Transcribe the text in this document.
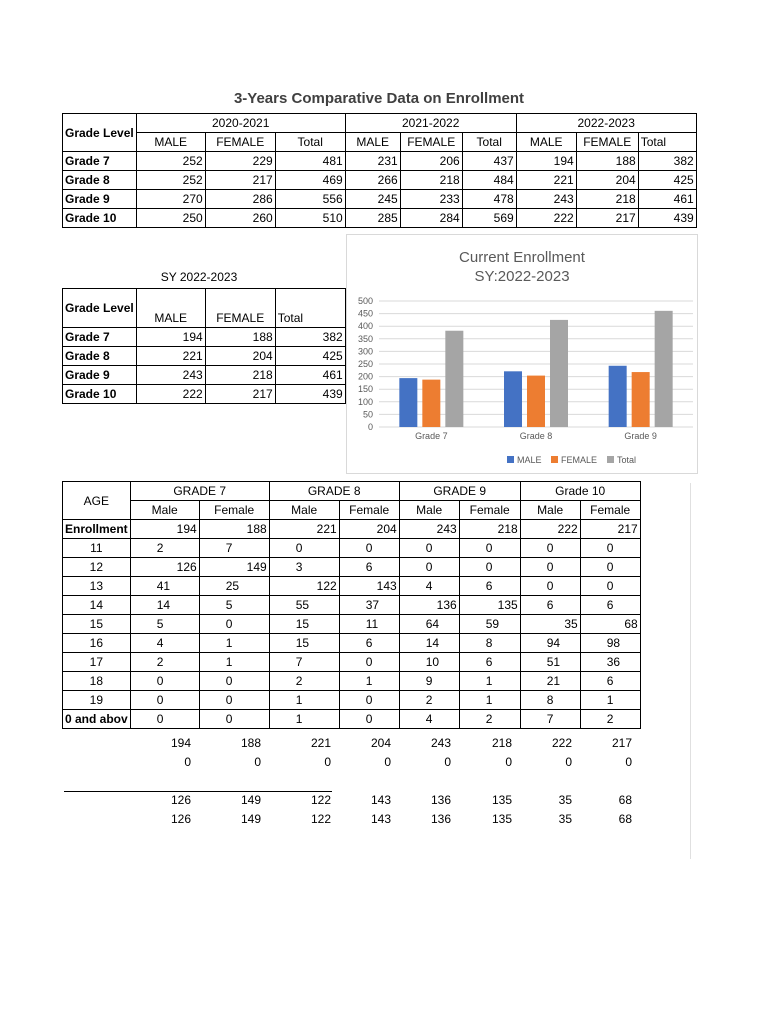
3-Years Comparative Data on Enrollment
Grade Level	2020-2021			2021-2022			2022-2023		
	MALE	FEMALE	Total	MALE	FEMALE	Total	MALE	FEMALE	Total
Grade 7	252	229	481	231	206	437	194	188	382
Grade 8	252	217	469	266	218	484	221	204	425
Grade 9	270	286	556	245	233	478	243	218	461
Grade 10	250	260	510	285	284	569	222	217	439
SY 2022-2023
Grade Level	MALE	FEMALE	Total
Grade 7	194	188	382
Grade 8	221	204	425
Grade 9	243	218	461
Grade 10	222	217	439
Current Enrollment
SY:2022-2023
0
50
100
150
200
250
300
350
400
450
500
Grade 7	Grade 8	Grade 9
MALE FEMALE Total
AGE	GRADE 7		GRADE 8		GRADE 9		Grade 10	
	Male	Female	Male	Female	Male	Female	Male	Female
Enrollment	194	188	221	204	243	218	222	217
11	2	7	0	0	0	0	0	0
12	126	149	3	6	0	0	0	0
13	41	25	122	143	4	6	0	0
14	14	5	55	37	136	135	6	6
15	5	0	15	11	64	59	35	68
16	4	1	15	6	14	8	94	98
17	2	1	7	0	10	6	51	36
18	0	0	2	1	9	1	21	6
19	0	0	1	0	2	1	8	1
0 and abov	0	0	1	0	4	2	7	2
	194	188	221	204	243	218	222	217
	0	0	0	0	0	0	0	0

	126	149	122	143	136	135	35	68
	126	149	122	143	136	135	35	68
